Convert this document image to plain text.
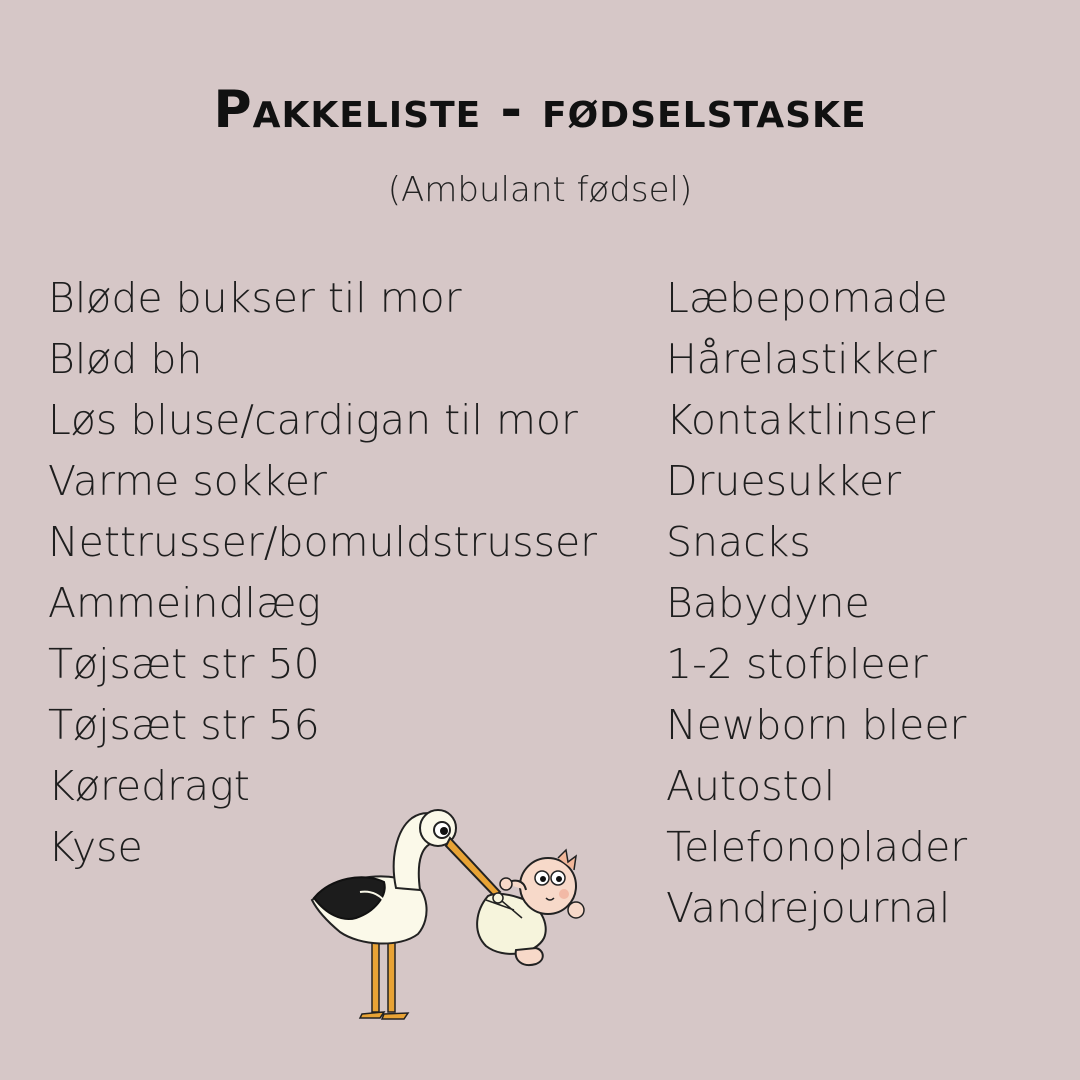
Pakkeliste - fødselstaske
(Ambulant fødsel)
Bløde bukser til mor
Blød bh
Løs bluse/cardigan til mor
Varme sokker
Nettrusser/bomuldstrusser
Ammeindlæg
Tøjsæt str 50
Tøjsæt str 56
Køredragt
Kyse
Læbepomade
Hårelastikker
Kontaktlinser
Druesukker
Snacks
Babydyne
1-2 stofbleer
Newborn bleer
Autostol
Telefonoplader
Vandrejournal
